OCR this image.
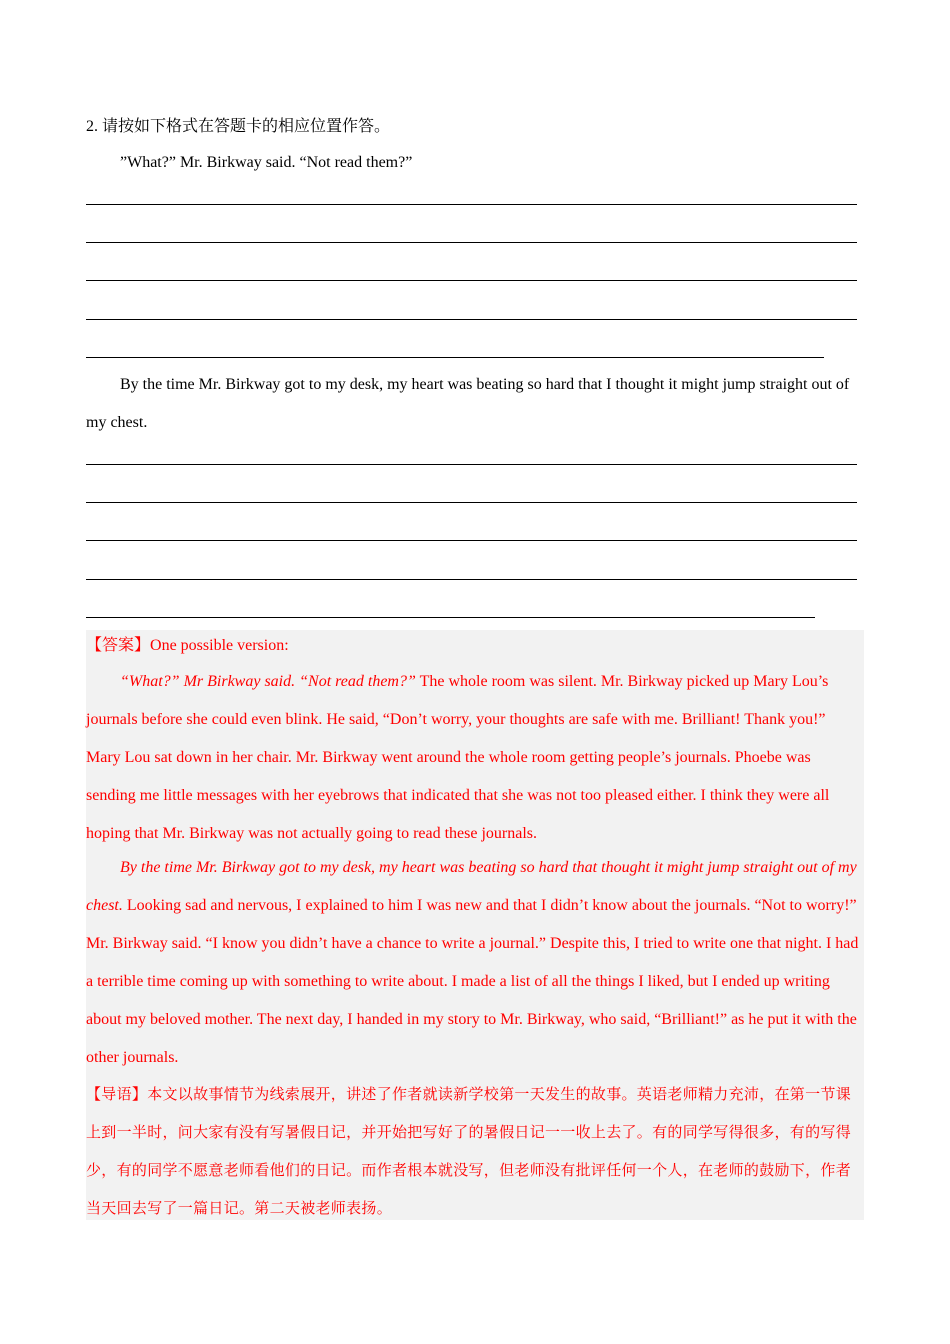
2. 请按如下格式在答题卡的相应位置作答。
”What?” Mr. Birkway said. “Not read them?”
By the time Mr. Birkway got to my desk, my heart was beating so hard that I thought it might jump straight out of my chest.
【答案】One possible version:
“What?” Mr Birkway said. “Not read them?” The whole room was silent. Mr. Birkway picked up Mary Lou’s journals before she could even blink. He said, “Don’t worry, your thoughts are safe with me. Brilliant! Thank you!” Mary Lou sat down in her chair. Mr. Birkway went around the whole room getting people’s journals. Phoebe was sending me little messages with her eyebrows that indicated that she was not too pleased either. I think they were all hoping that Mr. Birkway was not actually going to read these journals.
By the time Mr. Birkway got to my desk, my heart was beating so hard that thought it might jump straight out of my chest. Looking sad and nervous, I explained to him I was new and that I didn’t know about the journals. “Not to worry!” Mr. Birkway said. “I know you didn’t have a chance to write a journal.” Despite this, I tried to write one that night. I had a terrible time coming up with something to write about. I made a list of all the things I liked, but I ended up writing about my beloved mother. The next day, I handed in my story to Mr. Birkway, who said, “Brilliant!” as he put it with the other journals.
【导语】本文以故事情节为线索展开，讲述了作者就读新学校第一天发生的故事。英语老师精力充沛，在第一节课上到一半时，问大家有没有写暑假日记，并开始把写好了的暑假日记一一收上去了。有的同学写得很多，有的写得少，有的同学不愿意老师看他们的日记。而作者根本就没写，但老师没有批评任何一个人，在老师的鼓励下，作者当天回去写了一篇日记。第二天被老师表扬。
